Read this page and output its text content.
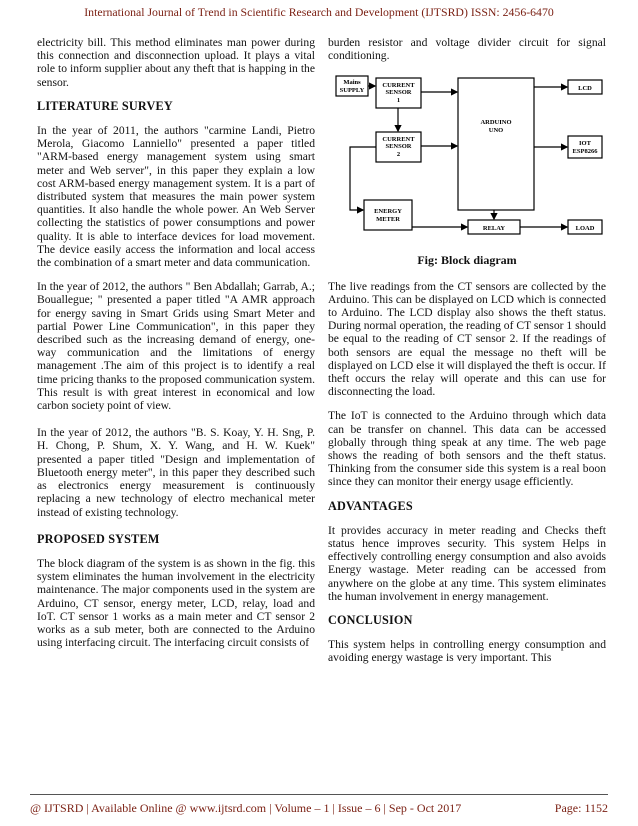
International Journal of Trend in Scientific Research and Development (IJTSRD) ISSN: 2456-6470

electricity bill. This method eliminates man power during this connection and disconnection upload. It plays a vital role to inform supplier about any theft that is happing in the sensor.

LITERATURE SURVEY

In the year of 2011, the authors "carmine Landi, Pietro Merola, Giacomo Lanniello" presented a paper titled "ARM-based energy management system using smart meter and Web server", in this paper they explain a low cost ARM-based energy management system. It is a part of distributed system that measures the main power system quantities. It also handle the whole power. An Web Server collecting the statistics of power consumptions and power quality. It is able to interface devices for load movement. The device easily access the information and local access the combination of a smart meter and data communication.

In the year of 2012, the authors " Ben Abdallah; Garrab, A.; Bouallegue; " presented a paper titled "A AMR approach for energy saving in Smart Grids using Smart Meter and partial Power Line Communication", in this paper they described such as the increasing demand of energy, one-way communication and the limitations of energy management .The aim of this project is to identify a real time pricing thanks to the proposed communication system. This result is with great interest in economical and low carbon society point of view.

In the year of 2012, the authors "B. S. Koay, Y. H. Sng, P. H. Chong, P. Shum, X. Y. Wang, and H. W. Kuek" presented a paper titled "Design and implementation of Bluetooth energy meter", in this paper they described such as electronics energy measurement is continuously replacing a new technology of electro mechanical meter instead of existing technology.

PROPOSED SYSTEM

The block diagram of the system is as shown in the fig. this system eliminates the human involvement in the electricity maintenance. The major components used in the system are Arduino, CT sensor, energy meter, LCD, relay, load and IoT. CT sensor 1 works as a main meter and CT sensor 2 works as a sub meter, both are connected to the Arduino using interfacing circuit. The interfacing circuit consists of

burden resistor and voltage divider circuit for signal conditioning.

Mains
SUPPLY
CURRENT
SENSOR
1
CURRENT
SENSOR
2
ARDUINO
UNO
LCD
IOT
ESP8266
ENERGY
METER
RELAY	LOAD
Fig: Block diagram

The live readings from the CT sensors are collected by the Arduino. This can be displayed on LCD which is connected to Arduino. The LCD display also shows the theft status. During normal operation, the reading of CT sensor 1 should be equal to the reading of CT sensor 2. If the readings of both sensors are equal the message no theft will be displayed on LCD else it will displayed the theft is occur. If theft occurs the relay will operate and this can use for disconnecting the load.

The IoT is connected to the Arduino through which data can be transfer on channel. This data can be accessed globally through thing speak at any time. The web page shows the reading of both sensors and the theft status. Thinking from the consumer side this system is a real boon since they can monitor their energy usage efficiently.

ADVANTAGES

It provides accuracy in meter reading and Checks theft status hence improves security. This system Helps in effectively controlling energy consumption and also avoids Energy wastage. Meter reading can be accessed from anywhere on the globe at any time. This system eliminates the human involvement in energy management.

CONCLUSION

This system helps in controlling energy consumption and avoiding energy wastage is very important. This

@ IJTSRD | Available Online @ www.ijtsrd.com | Volume – 1 | Issue – 6 | Sep - Oct 2017	Page: 1152
